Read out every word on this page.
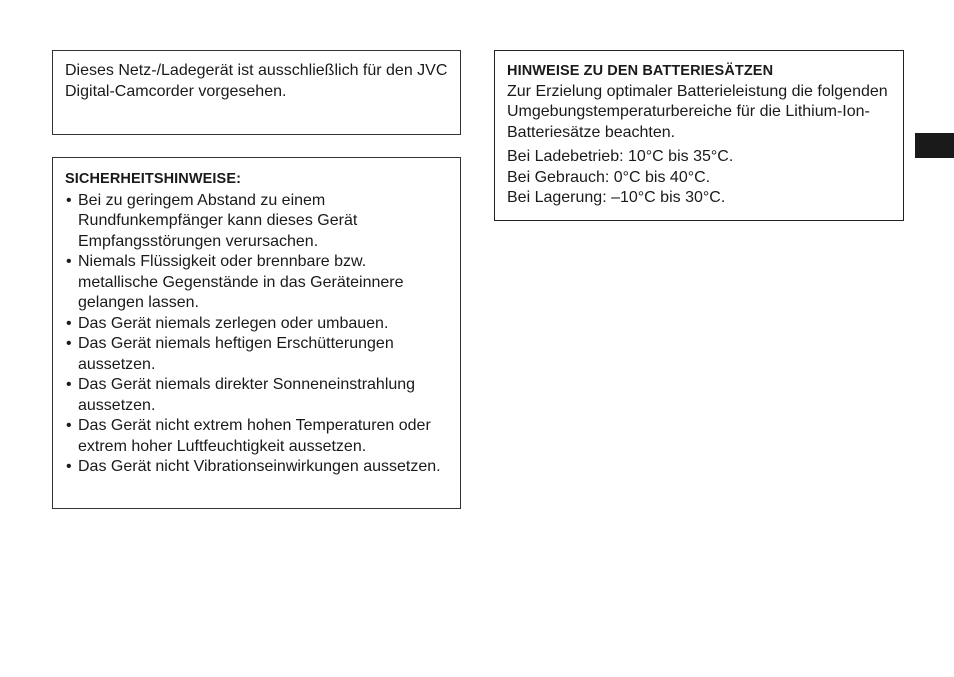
Dieses Netz-/Ladegerät ist ausschließlich für den JVC Digital-Camcorder vorgesehen.
SICHERHEITSHINWEISE:
• Bei zu geringem Abstand zu einem Rundfunkempfänger kann dieses Gerät Empfangsstörungen verursachen.
• Niemals Flüssigkeit oder brennbare bzw. metallische Gegenstände in das Geräteinnere gelangen lassen.
• Das Gerät niemals zerlegen oder umbauen.
• Das Gerät niemals heftigen Erschütterungen aussetzen.
• Das Gerät niemals direkter Sonneneinstrahlung aussetzen.
• Das Gerät nicht extrem hohen Temperaturen oder extrem hoher Luftfeuchtigkeit aussetzen.
• Das Gerät nicht Vibrationseinwirkungen aussetzen.
HINWEISE ZU DEN BATTERIESÄTZEN
Zur Erzielung optimaler Batterieleistung die folgenden Umgebungstemperaturbereiche für die Lithium-Ion-Batteriesätze beachten.
Bei Ladebetrieb: 10°C bis 35°C.
Bei Gebrauch: 0°C bis 40°C.
Bei Lagerung: –10°C bis 30°C.
